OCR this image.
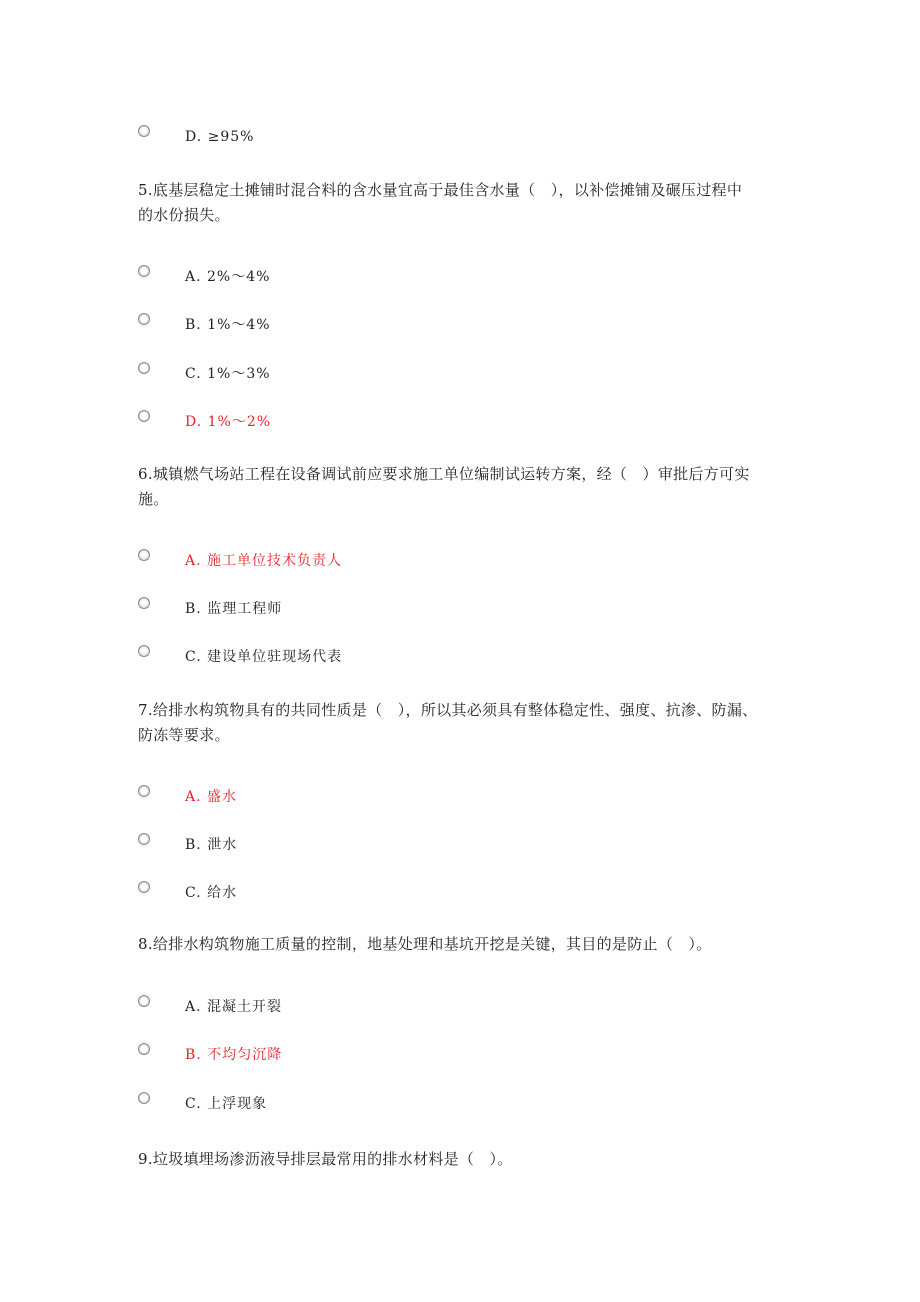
D. ≥95%

5.底基层稳定土摊铺时混合料的含水量宜高于最佳含水量（　），以补偿摊铺及碾压过程中
的水份损失。

A. 2%～4%
B. 1%～4%
C. 1%～3%
D. 1%～2%

6.城镇燃气场站工程在设备调试前应要求施工单位编制试运转方案，经（　）审批后方可实
施。

A. 施工单位技术负责人
B. 监理工程师
C. 建设单位驻现场代表

7.给排水构筑物具有的共同性质是（　），所以其必须具有整体稳定性、强度、抗渗、防漏、
防冻等要求。

A. 盛水
B. 泄水
C. 给水

8.给排水构筑物施工质量的控制，地基处理和基坑开挖是关键，其目的是防止（　）。

A. 混凝土开裂
B. 不均匀沉降
C. 上浮现象

9.垃圾填埋场渗沥液导排层最常用的排水材料是（　）。
